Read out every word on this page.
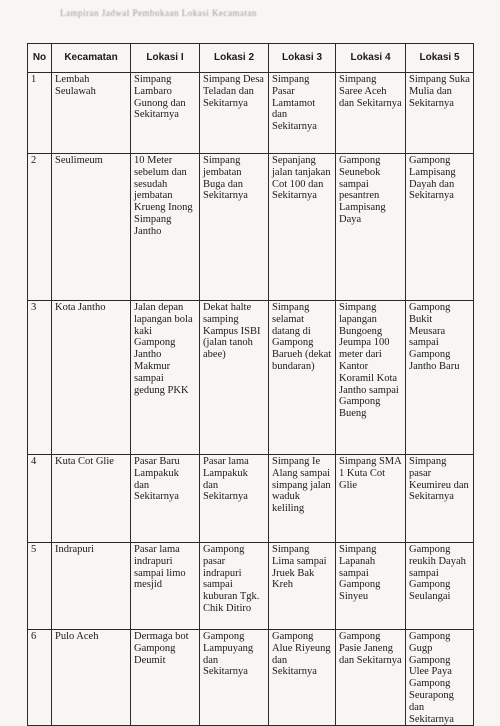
Lampiran Jadwal Pembukaan Lokasi Kecamatan
No	Kecamatan	Lokasi I	Lokasi 2	Lokasi 3	Lokasi 4	Lokasi 5
1	Lembah Seulawah	Simpang Lambaro Gunong dan Sekitarnya	Simpang Desa Teladan dan Sekitarnya	Simpang Pasar Lamtamot dan Sekitarnya	Simpang Saree Aceh dan Sekitarnya	Simpang Suka Mulia dan Sekitarnya
2	Seulimeum	10 Meter sebelum dan sesudah jembatan Krueng Inong Simpang Jantho	Simpang jembatan Buga dan Sekitarnya	Sepanjang jalan tanjakan Cot 100 dan Sekitarnya	Gampong Seunebok sampai pesantren Lampisang Daya	Gampong Lampisang Dayah dan Sekitarnya
3	Kota Jantho	Jalan depan lapangan bola kaki Gampong Jantho Makmur sampai gedung PKK	Dekat halte samping Kampus ISBI (jalan tanoh abee)	Simpang selamat datang di Gampong Barueh (dekat bundaran)	Simpang lapangan Bungoeng Jeumpa 100 meter dari Kantor Koramil Kota Jantho sampai Gampong Bueng	Gampong Bukit Meusara sampai Gampong Jantho Baru
4	Kuta Cot Glie	Pasar Baru Lampakuk dan Sekitarnya	Pasar lama Lampakuk dan Sekitarnya	Simpang Ie Alang sampai simpang jalan waduk keliling	Simpang SMA 1 Kuta Cot Glie	Simpang pasar Keumireu dan Sekitarnya
5	Indrapuri	Pasar lama indrapuri sampai limo mesjid	Gampong pasar indrapuri sampai kuburan Tgk. Chik Ditiro	Simpang Lima sampai Jruek Bak Kreh	Simpang Lapanah sampai Gampong Sinyeu	Gampong reukih Dayah sampai Gampong Seulangai
6	Pulo Aceh	Dermaga bot Gampong Deumit	Gampong Lampuyang dan Sekitarnya	Gampong Alue Riyeung dan Sekitarnya	Gampong Pasie Janeng dan Sekitarnya	Gampong Gugp Gampong Ulee Paya Gampong Seurapong dan Sekitarnya
